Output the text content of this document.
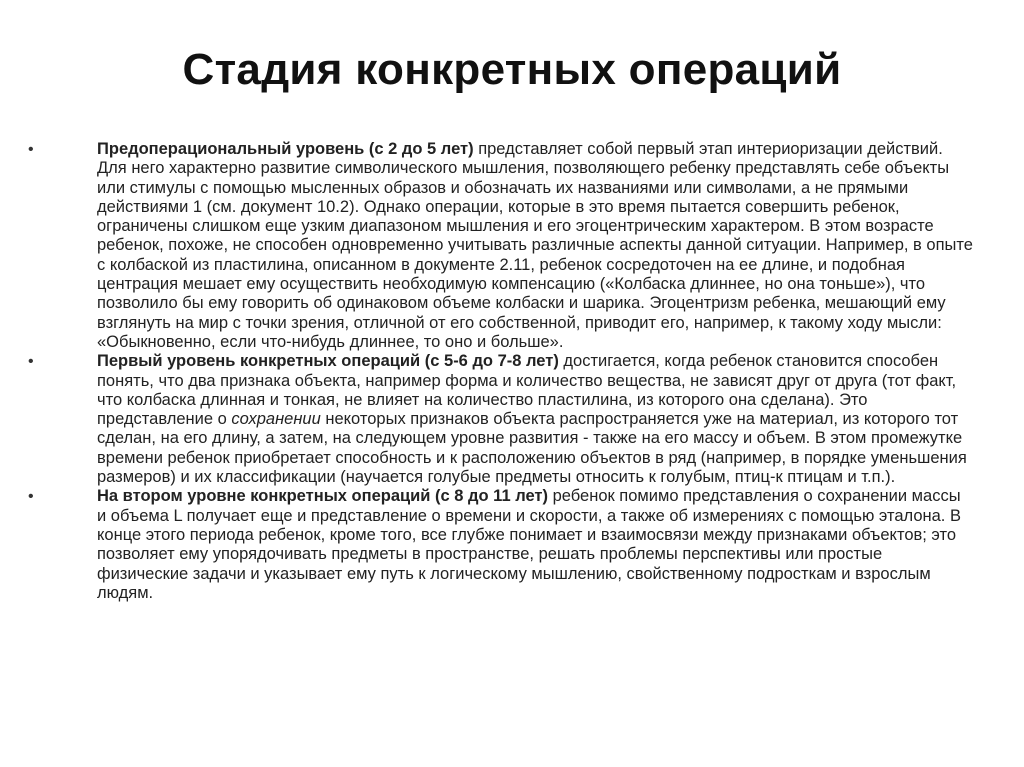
Стадия конкретных операций
•	Предоперациональный уровень (с 2 до 5 лет) представляет собой первый этап интериоризации действий. Для него характерно развитие символического мышления, позволяющего ребенку представлять себе объекты или стимулы с помощью мысленных образов и обозначать их названиями или символами, а не прямыми действиями 1 (см. документ 10.2). Однако операции, которые в это время пытается совершить ребенок, ограничены слишком еще узким диапазоном мышления и его эгоцентрическим характером. В этом возрасте ребенок, похоже, не способен одновременно учитывать различные аспекты данной ситуации. Например, в опыте с колбаской из пластилина, описанном в документе 2.11, ребенок сосредоточен на ее длине, и подобная центрация мешает ему осуществить необходимую компенсацию («Колбаска длиннее, но она тоньше»), что позволило бы ему говорить об одинаковом объеме колбаски и шарика. Эгоцентризм ребенка, мешающий ему взглянуть на мир с точки зрения, отличной от его собственной, приводит его, например, к такому ходу мысли: «Обыкновенно, если что-нибудь длиннее, то оно и больше».
•	Первый уровень конкретных операций (с 5-6 до 7-8 лет) достигается, когда ребенок становится способен понять, что два признака объекта, например форма и количество вещества, не зависят друг от друга (тот факт, что колбаска длинная и тонкая, не влияет на количество пластилина, из которого она сделана). Это представление о сохранении некоторых признаков объекта распространяется уже на материал, из которого тот сделан, на его длину, а затем, на следующем уровне развития - также на его массу и объем. В этом промежутке времени ребенок приобретает способность и к расположению объектов в ряд (например, в порядке уменьшения размеров) и их классификации (научается голубые предметы относить к голубым, птиц-к птицам и т.п.).
•	На втором уровне конкретных операций (с 8 до 11 лет) ребенок помимо представления о сохранении массы и объема L получает еще и представление о времени и скорости, а также об измерениях с помощью эталона. В конце этого периода ребенок, кроме того, все глубже понимает и взаимосвязи между признаками объектов; это позволяет ему упорядочивать предметы в пространстве, решать проблемы перспективы или простые физические задачи и указывает ему путь к логическому мышлению, свойственному подросткам и взрослым людям.
